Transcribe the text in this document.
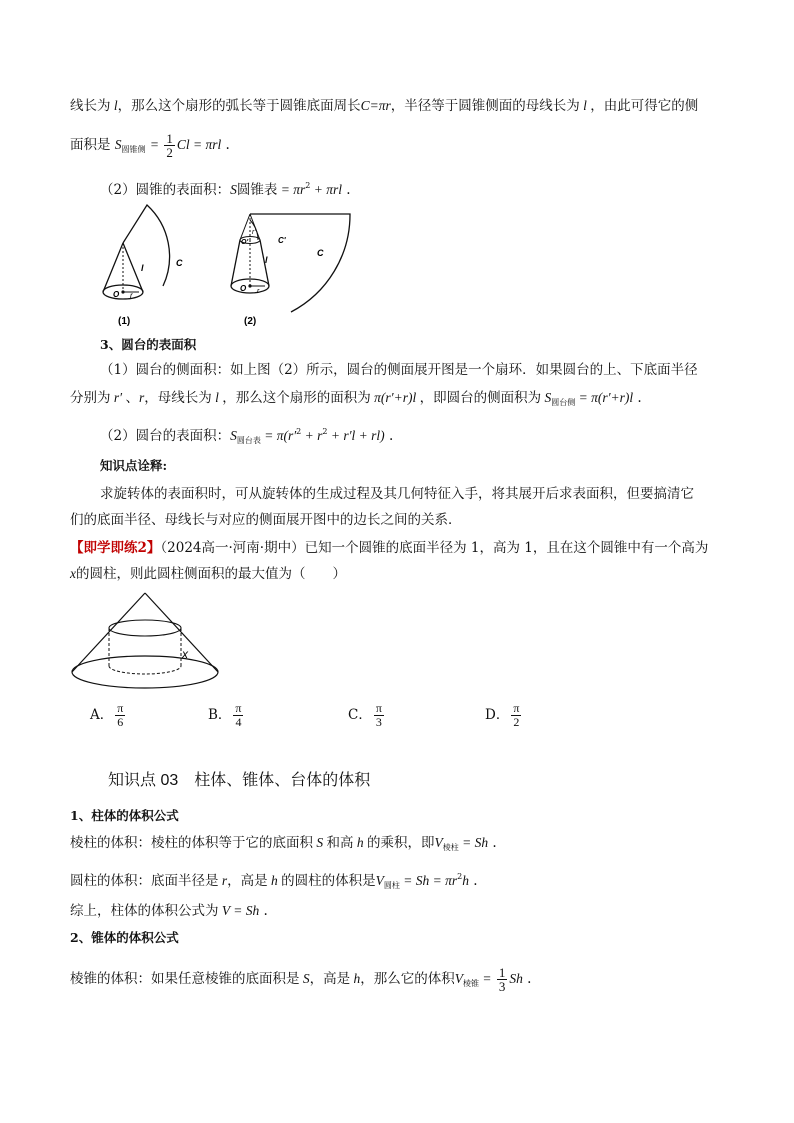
线长为 l，那么这个扇形的弧长等于圆锥底面周长C=πr，半径等于圆锥侧面的母线长为 l ，由此可得它的侧
面积是 $S_{圆锥侧} = \frac{1}{2}$ Cl = πrl .
（2）圆锥的表面积：S圆锥表 = $\pi r^2 + \pi rl$ .
O r
l	C
O'
r'
O r
l
C'
C
(1)	(2)
3、圆台的表面积
（1）圆台的侧面积：如上图（2）所示，圆台的侧面展开图是一个扇环．如果圆台的上、下底面半径
分别为 r′ 、r，母线长为 l ，那么这个扇形的面积为 π(r′+r)l ，即圆台的侧面积为 $S_{圆台侧} = \pi(r'+r)l$ .
（2）圆台的表面积：$S_{圆台表} = \pi(r'^2 + r^2 + r'l + rl)$ .
知识点诠释:
求旋转体的表面积时，可从旋转体的生成过程及其几何特征入手，将其展开后求表面积，但要搞清它
们的底面半径、母线长与对应的侧面展开图中的边长之间的关系．
【即学即练2】（2024高一·河南·期中）已知一个圆锥的底面半径为 1，高为 1，且在这个圆锥中有一个高为
x的圆柱，则此圆柱侧面积的最大值为（　　）
x
A． $\frac{\pi}{6}$	B． $\frac{\pi}{4}$	C． $\frac{\pi}{3}$	D． $\frac{\pi}{2}$
知识点 03　柱体、锥体、台体的体积
1、柱体的体积公式
棱柱的体积：棱柱的体积等于它的底面积 S 和高 h 的乘积，即$V_{棱柱} = Sh$ .
圆柱的体积：底面半径是 r，高是 h 的圆柱的体积是$V_{圆柱} = Sh = \pi r^2h$ .
综上，柱体的体积公式为 V = Sh .
2、锥体的体积公式
棱锥的体积：如果任意棱锥的底面积是 S，高是 h，那么它的体积$V_{棱锥} = \frac{1}{3}$ Sh .
